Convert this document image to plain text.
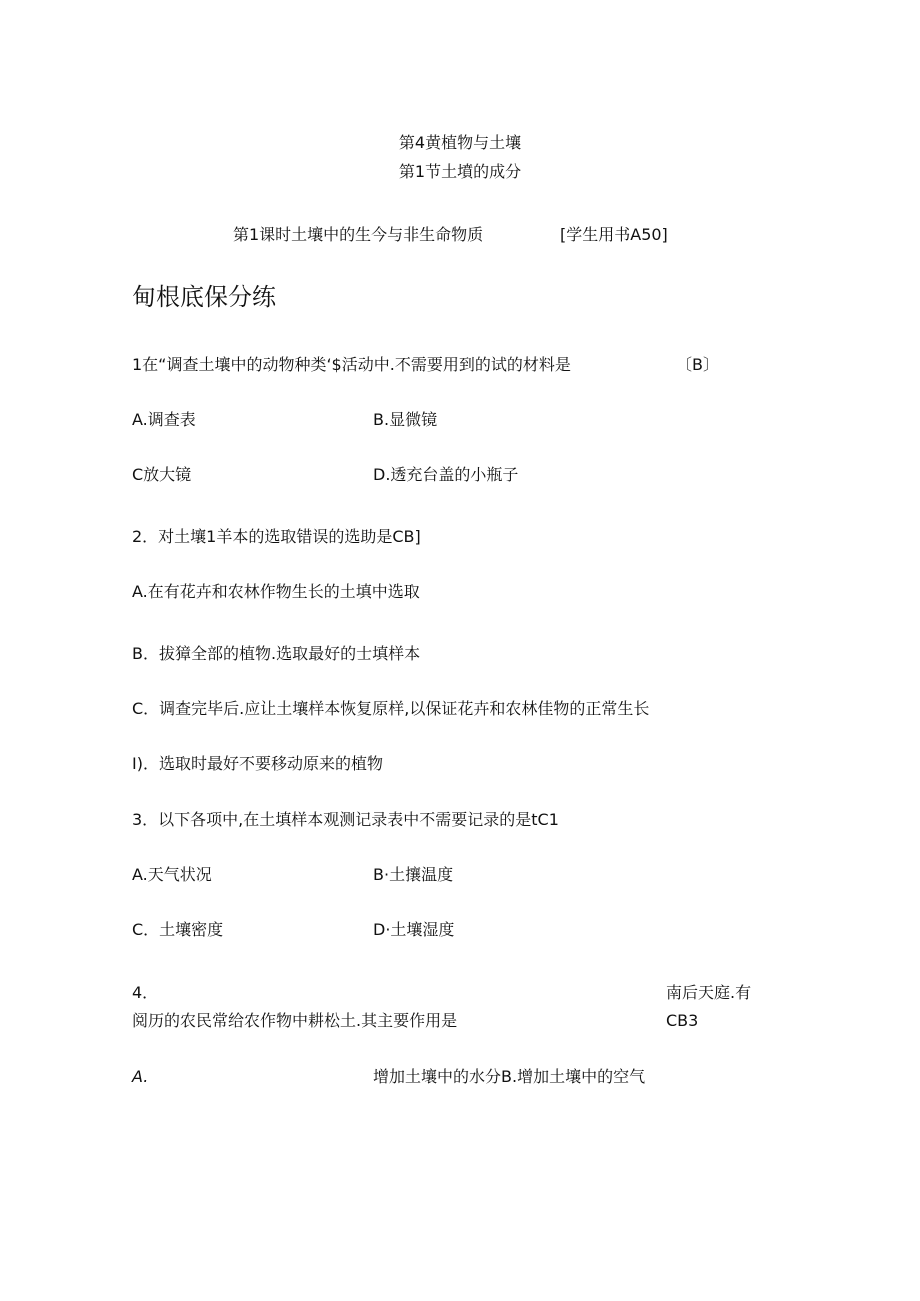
第4黄植物与土壤
第1节土墳的成分
第1课时土壤中的生今与非生命物质	[学生用书A50]
甸根底保分练
1在“调查土壤中的动物种类‘$活动中.不需要用到的试的材料是	〔B〕
A.调查表	B.显微镜
C放大镜	D.透充台盖的小瓶子
2．对土壤1羊本的选取错误的选助是CB]
A.在有花卉和农林作物生长的土填中选取
B．拔獐全部的植物.选取最好的士填样本
C．调查完毕后.应让土壤样本恢复原样,以保证花卉和农林佳物的正常生长
I)．选取时最好不要移动原来的植物
3．以下各项中,在土填样本观测记录表中不需要记录的是tC1
A.天气状况	B·土攘温度
C．土壤密度	D·土壤湿度
4．	南后天庭.有
阅历的农民常给农作物中耕松土.其主要作用是	CB3
A.	增加土壤中的水分B.增加土壤中的空气
